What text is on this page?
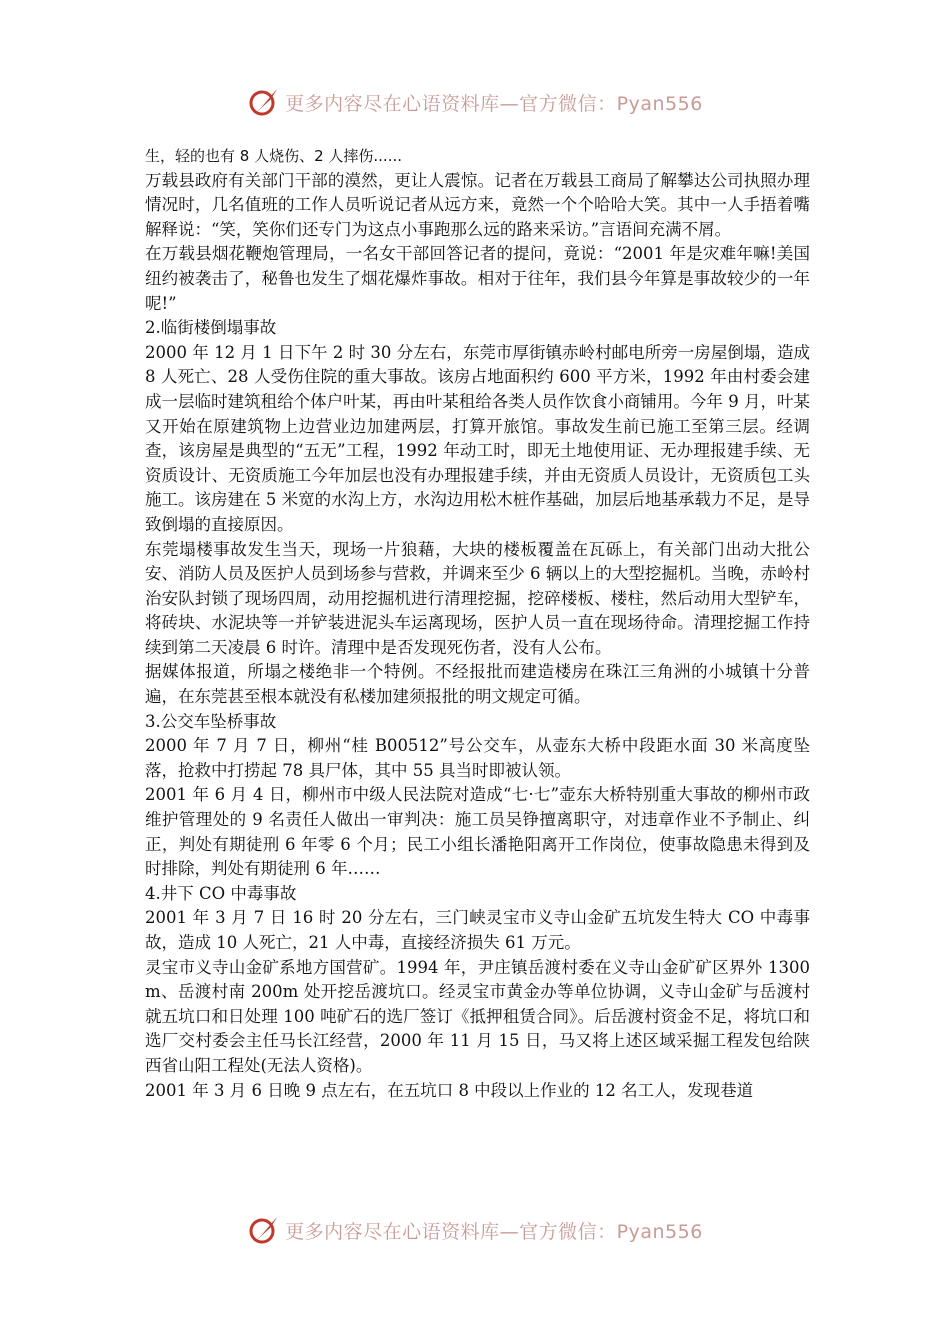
更多内容尽在心语资料库—官方微信：Pyan556

生，轻的也有 8 人烧伤、2 人摔伤......

万载县政府有关部门干部的漠然，更让人震惊。记者在万载县工商局了解攀达公司执照办理情况时，几名值班的工作人员听说记者从远方来，竟然一个个哈哈大笑。其中一人手捂着嘴解释说：“笑，笑你们还专门为这点小事跑那么远的路来采访。”言语间充满不屑。

在万载县烟花鞭炮管理局，一名女干部回答记者的提问，竟说：“2001 年是灾难年嘛!美国纽约被袭击了，秘鲁也发生了烟花爆炸事故。相对于往年，我们县今年算是事故较少的一年呢!”

2.临街楼倒塌事故

2000 年 12 月 1 日下午 2 时 30 分左右，东莞市厚街镇赤岭村邮电所旁一房屋倒塌，造成 8 人死亡、28 人受伤住院的重大事故。该房占地面积约 600 平方米，1992 年由村委会建成一层临时建筑租给个体户叶某，再由叶某租给各类人员作饮食小商铺用。今年 9 月，叶某又开始在原建筑物上边营业边加建两层，打算开旅馆。事故发生前已施工至第三层。经调查，该房屋是典型的“五无”工程，1992 年动工时，即无土地使用证、无办理报建手续、无资质设计、无资质施工今年加层也没有办理报建手续，并由无资质人员设计，无资质包工头施工。该房建在 5 米宽的水沟上方，水沟边用松木桩作基础，加层后地基承载力不足，是导致倒塌的直接原因。

东莞塌楼事故发生当天，现场一片狼藉，大块的楼板覆盖在瓦砾上，有关部门出动大批公安、消防人员及医护人员到场参与营救，并调来至少 6 辆以上的大型挖掘机。当晚，赤岭村治安队封锁了现场四周，动用挖掘机进行清理挖掘，挖碎楼板、楼柱，然后动用大型铲车，将砖块、水泥块等一并铲装进泥头车运离现场，医护人员一直在现场待命。清理挖掘工作持续到第二天凌晨 6 时许。清理中是否发现死伤者，没有人公布。

据媒体报道，所塌之楼绝非一个特例。不经报批而建造楼房在珠江三角洲的小城镇十分普遍，在东莞甚至根本就没有私楼加建须报批的明文规定可循。

3.公交车坠桥事故

2000 年 7 月 7 日，柳州“桂 B00512”号公交车，从壶东大桥中段距水面 30 米高度坠落，抢救中打捞起 78 具尸体，其中 55 具当时即被认领。

2001 年 6 月 4 日，柳州市中级人民法院对造成“七·七”壶东大桥特别重大事故的柳州市政维护管理处的 9 名责任人做出一审判决：施工员吴铮擅离职守，对违章作业不予制止、纠正，判处有期徒刑 6 年零 6 个月；民工小组长潘艳阳离开工作岗位，使事故隐患未得到及时排除，判处有期徒刑 6 年……

4.井下 CO 中毒事故

2001 年 3 月 7 日 16 时 20 分左右，三门峡灵宝市义寺山金矿五坑发生特大 CO 中毒事故，造成 10 人死亡，21 人中毒，直接经济损失 61 万元。

灵宝市义寺山金矿系地方国营矿。1994 年，尹庄镇岳渡村委在义寺山金矿矿区界外 1300m、岳渡村南 200m 处开挖岳渡坑口。经灵宝市黄金办等单位协调，义寺山金矿与岳渡村就五坑口和日处理 100 吨矿石的选厂签订《抵押租赁合同》。后岳渡村资金不足，将坑口和选厂交村委会主任马长江经营，2000 年 11 月 15 日，马又将上述区域采掘工程发包给陕西省山阳工程处(无法人资格)。

2001 年 3 月 6 日晚 9 点左右，在五坑口 8 中段以上作业的 12 名工人，发现巷道

更多内容尽在心语资料库—官方微信：Pyan556
